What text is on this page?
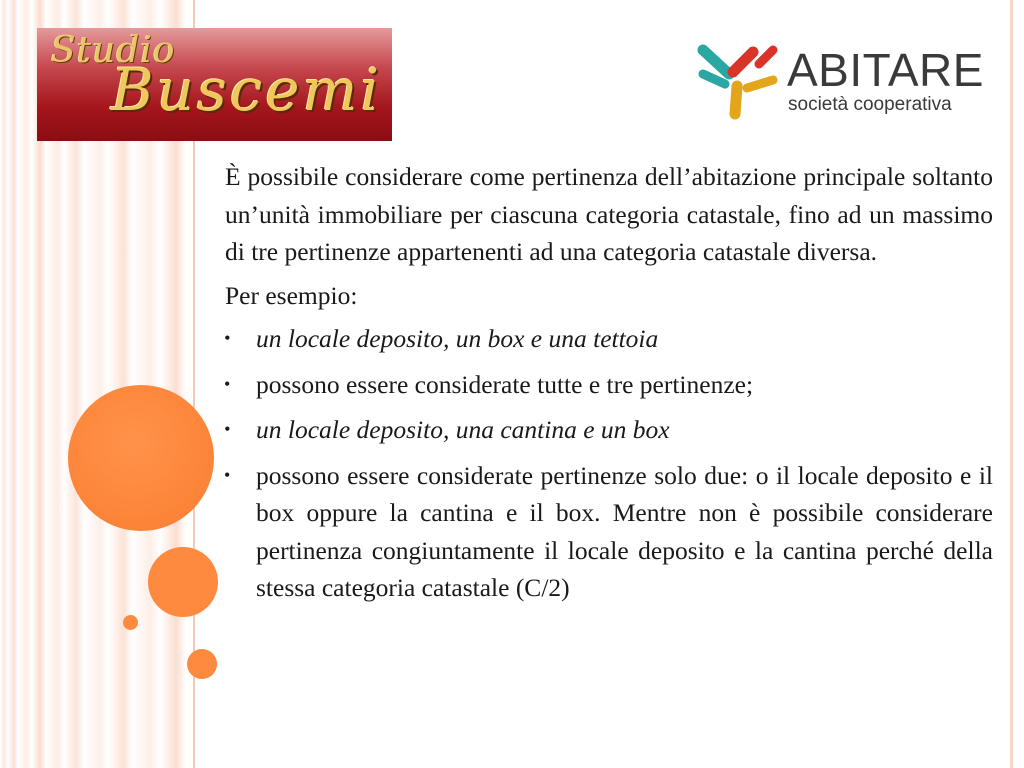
Studio
Buscemi	ABITARE
società cooperativa

È possibile considerare come pertinenza dell’abitazione principale soltanto un’unità immobiliare per ciascuna categoria catastale, fino ad un massimo di tre pertinenze appartenenti ad una categoria catastale diversa.

Per esempio:

• un locale deposito, un box e una tettoia
• possono essere considerate tutte e tre pertinenze;
• un locale deposito, una cantina e un box
• possono essere considerate pertinenze solo due: o il locale deposito e il box oppure la cantina e il box. Mentre non è possibile considerare pertinenza congiuntamente il locale deposito e la cantina perché della stessa categoria catastale (C/2)
